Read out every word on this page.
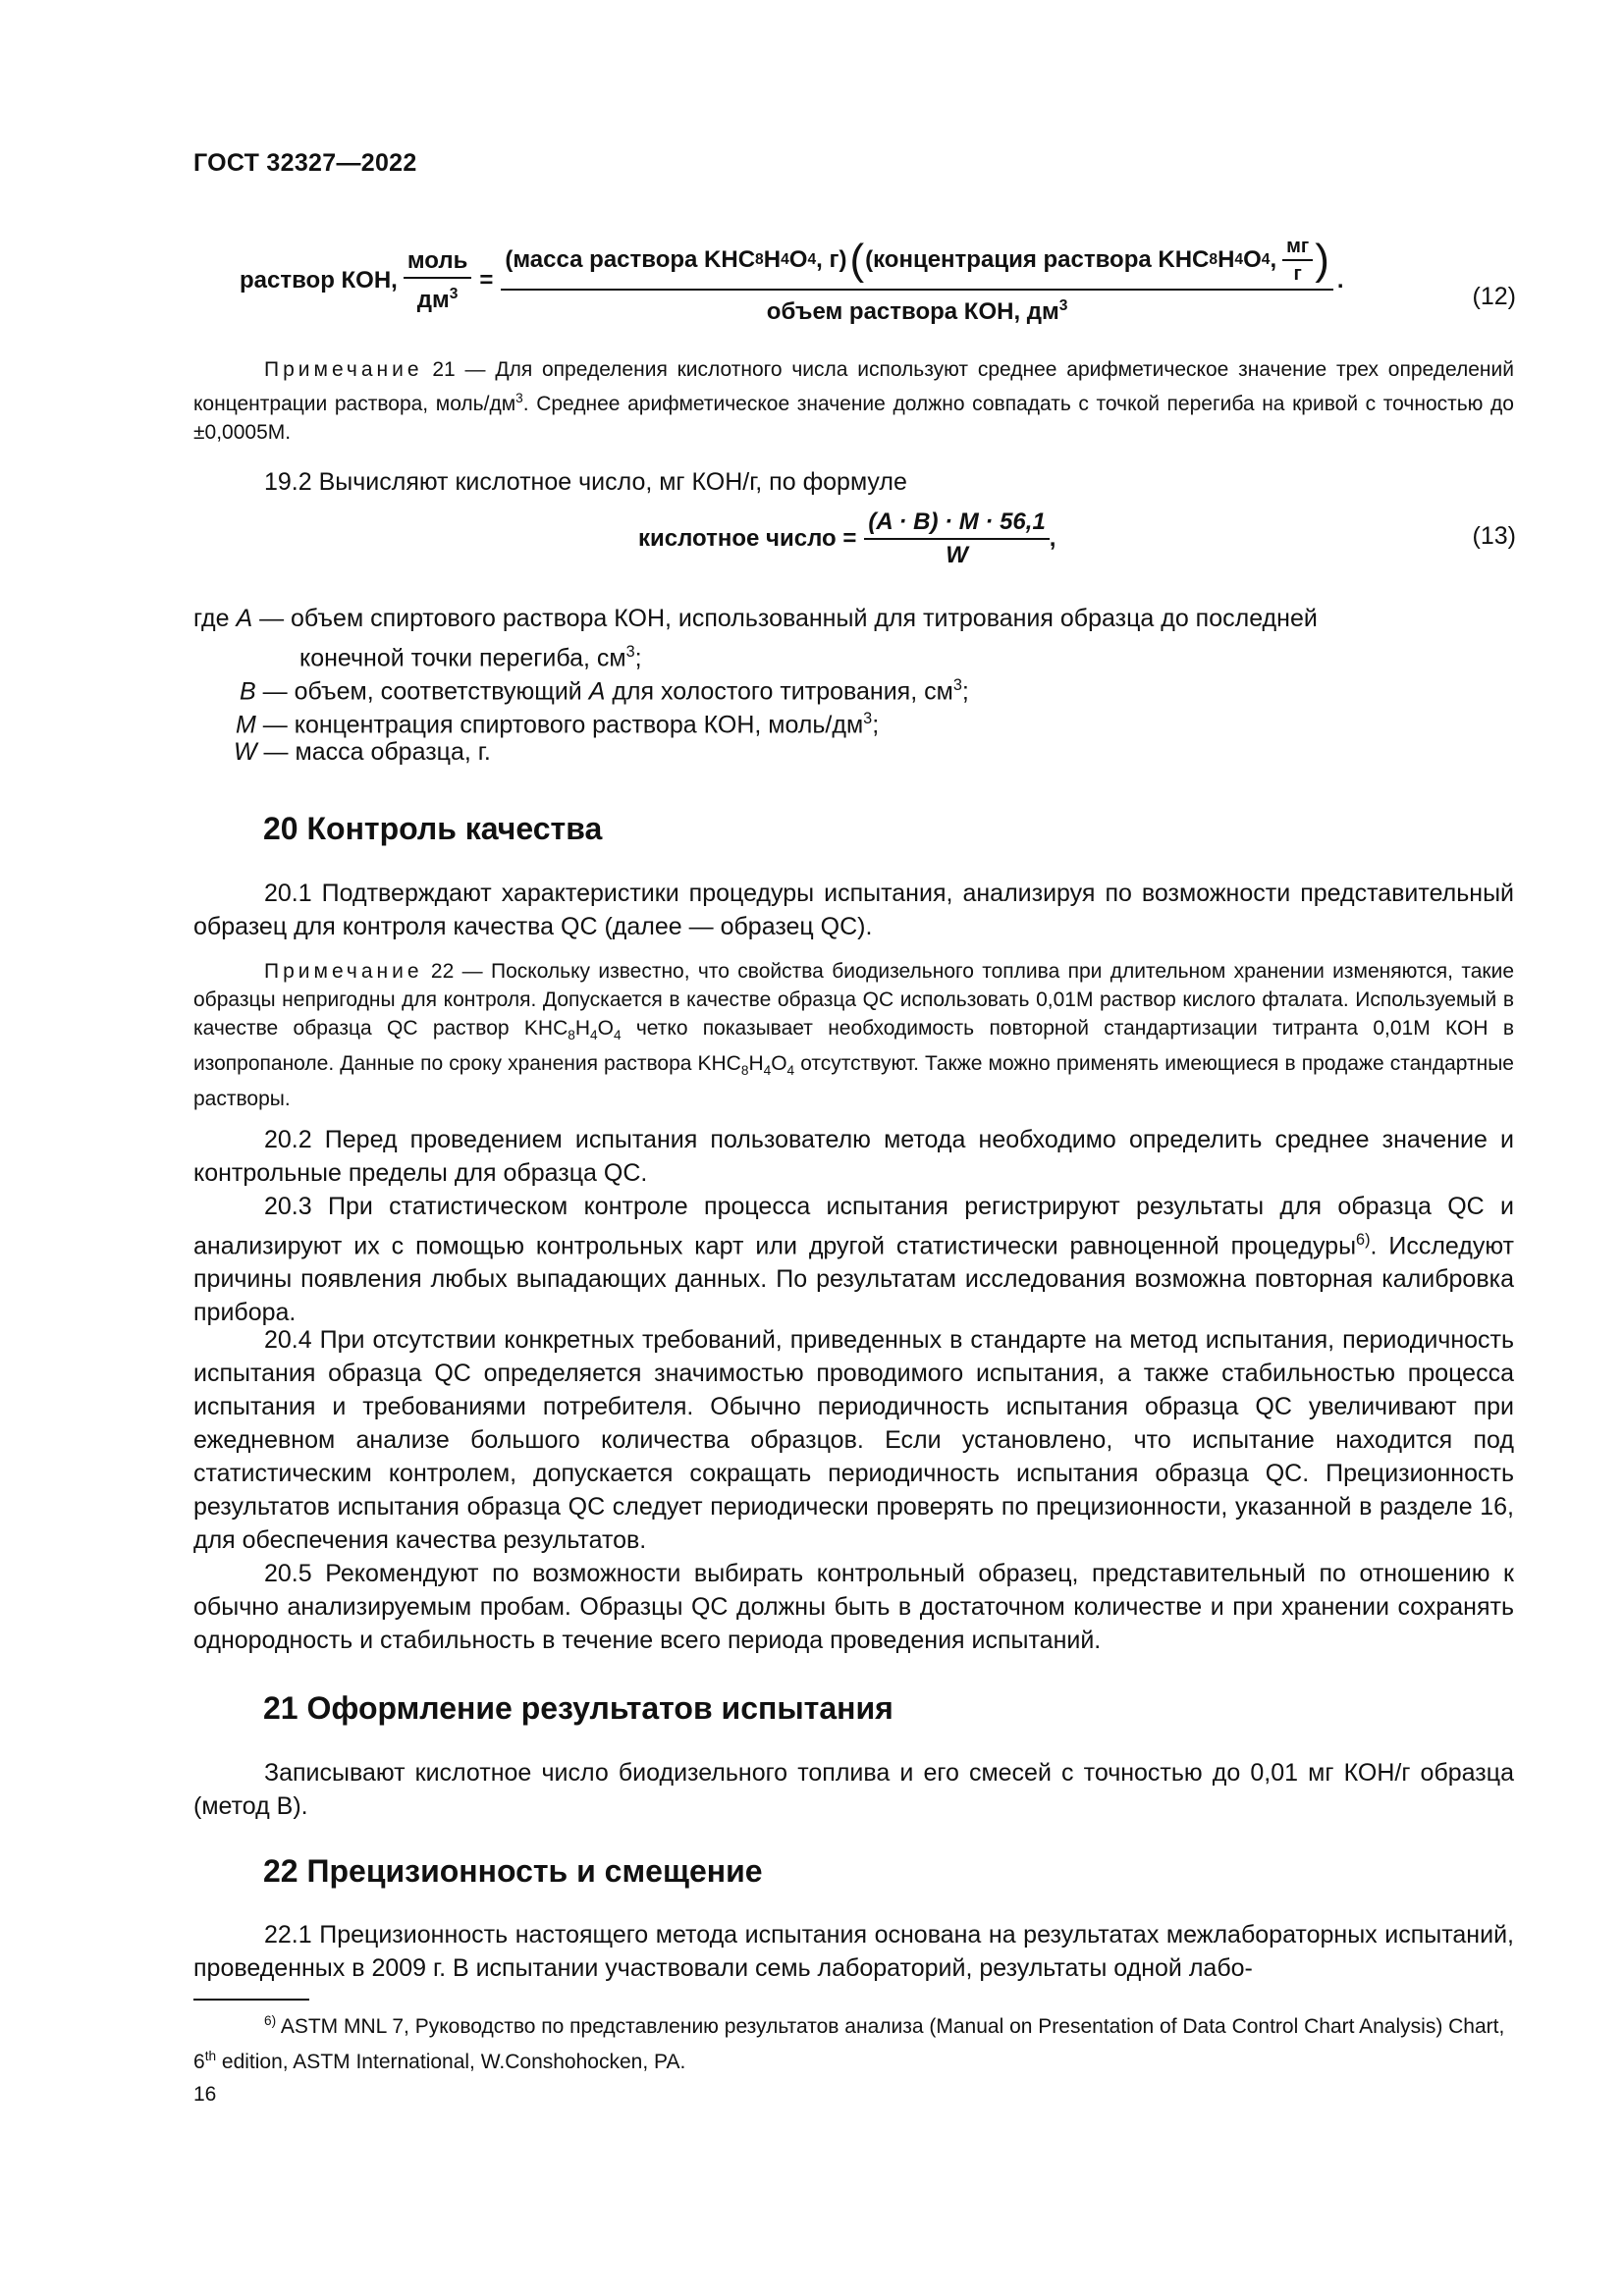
ГОСТ 32327—2022
раствор КОН, $\frac{\text{моль}}{дм^3}$ =
(масса раствора KHC 8 H 4 O 4 , г) ( (концентрация раствора KHC 8 H 4 O 4 , $\frac{мг}{г}$ )
объем раствора КОН, $дм^3$
.
(12)
Примечание 21 — Для определения кислотного числа используют среднее арифметическое значение трех определений концентрации раствора, моль/$дм^3$. Среднее арифметическое значение должно совпадать с точкой перегиба на кривой с точностью до ±0,0005М.
19.2 Вычисляют кислотное число, мг КОН/г, по формуле
кислотное число = $\frac{(A \cdot B) \cdot M \cdot 56,1}{W}$ ,	(13)
где A — объем спиртового раствора КОН, использованный для титрования образца до последней
конечной точки перегиба, $см^3$;
B — объем, соответствующий A для холостого титрования, $см^3$;
M — концентрация спиртового раствора КОН, моль/$дм^3$;
W — масса образца, г.
20 Контроль качества
20.1 Подтверждают характеристики процедуры испытания, анализируя по возможности представительный образец для контроля качества QC (далее — образец QC).
Примечание 22 — Поскольку известно, что свойства биодизельного топлива при длительном хранении изменяются, такие образцы непригодны для контроля. Допускается в качестве образца QC использовать 0,01М раствор кислого фталата. Используемый в качестве образца QC раствор $KHC_8H_4O_4$ четко показывает необходимость повторной стандартизации титранта 0,01М КОН в изопропаноле. Данные по сроку хранения раствора $KHC_8H_4O_4$ отсутствуют. Также можно применять имеющиеся в продаже стандартные растворы.
20.2 Перед проведением испытания пользователю метода необходимо определить среднее значение и контрольные пределы для образца QC.
20.3 При статистическом контроле процесса испытания регистрируют результаты для образца QC и анализируют их с помощью контрольных карт или другой статистически равноценной процедуры$^{6)}$. Исследуют причины появления любых выпадающих данных. По результатам исследования возможна повторная калибровка прибора.
20.4 При отсутствии конкретных требований, приведенных в стандарте на метод испытания, периодичность испытания образца QC определяется значимостью проводимого испытания, а также стабильностью процесса испытания и требованиями потребителя. Обычно периодичность испытания образца QC увеличивают при ежедневном анализе большого количества образцов. Если установлено, что испытание находится под статистическим контролем, допускается сокращать периодичность испытания образца QC. Прецизионность результатов испытания образца QC следует периодически проверять по прецизионности, указанной в разделе 16, для обеспечения качества результатов.
20.5 Рекомендуют по возможности выбирать контрольный образец, представительный по отношению к обычно анализируемым пробам. Образцы QC должны быть в достаточном количестве и при хранении сохранять однородность и стабильность в течение всего периода проведения испытаний.
21 Оформление результатов испытания
Записывают кислотное число биодизельного топлива и его смесей с точностью до 0,01 мг КОН/г образца (метод B).
22 Прецизионность и смещение
22.1 Прецизионность настоящего метода испытания основана на результатах межлабораторных испытаний, проведенных в 2009 г. В испытании участвовали семь лабораторий, результаты одной лабо-
$^{6)}$ ASTM MNL 7, Руководство по представлению результатов анализа (Manual on Presentation of Data Control Chart Analysis) Chart, 6th edition, ASTM International, W.Conshohocken, PA.
16
